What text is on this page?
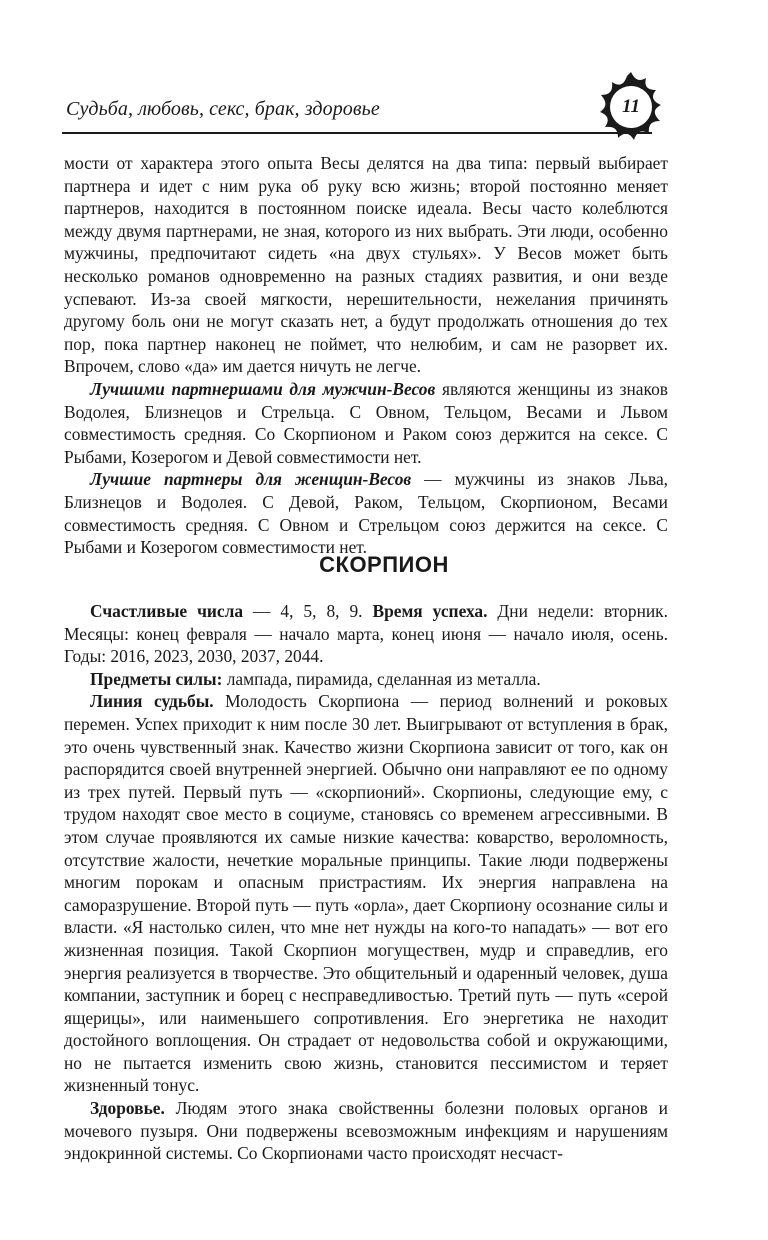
Судьба, любовь, секс, брак, здоровье	11

мости от характера этого опыта Весы делятся на два типа: первый выбирает партнера и идет с ним рука об руку всю жизнь; второй постоянно меняет партнеров, находится в постоянном поиске идеала. Весы часто колеблются между двумя партнерами, не зная, которого из них выбрать. Эти люди, особенно мужчины, предпочитают сидеть «на двух стульях». У Весов может быть несколько романов одновременно на разных стадиях развития, и они везде успевают. Из-за своей мягкости, нерешительности, нежелания причинять другому боль они не могут сказать нет, а будут продолжать отношения до тех пор, пока партнер наконец не поймет, что нелюбим, и сам не разорвет их. Впрочем, слово «да» им дается ничуть не легче.

Лучшими партнершами для мужчин-Весов являются женщины из знаков Водолея, Близнецов и Стрельца. С Овном, Тельцом, Весами и Львом совместимость средняя. Со Скорпионом и Раком союз держится на сексе. С Рыбами, Козерогом и Девой совместимости нет.

Лучшие партнеры для женщин-Весов — мужчины из знаков Льва, Близнецов и Водолея. С Девой, Раком, Тельцом, Скорпионом, Весами совместимость средняя. С Овном и Стрельцом союз держится на сексе. С Рыбами и Козерогом совместимости нет.

СКОРПИОН

Счастливые числа — 4, 5, 8, 9. Время успеха. Дни недели: вторник. Месяцы: конец февраля — начало марта, конец июня — начало июля, осень. Годы: 2016, 2023, 2030, 2037, 2044.

Предметы силы: лампада, пирамида, сделанная из металла.

Линия судьбы. Молодость Скорпиона — период волнений и роковых перемен. Успех приходит к ним после 30 лет. Выигрывают от вступления в брак, это очень чувственный знак. Качество жизни Скорпиона зависит от того, как он распорядится своей внутренней энергией. Обычно они направляют ее по одному из трех путей. Первый путь — «скорпионий». Скорпионы, следующие ему, с трудом находят свое место в социуме, становясь со временем агрессивными. В этом случае проявляются их самые низкие качества: коварство, вероломность, отсутствие жалости, нечеткие моральные принципы. Такие люди подвержены многим порокам и опасным пристрастиям. Их энергия направлена на саморазрушение. Второй путь — путь «орла», дает Скорпиону осознание силы и власти. «Я настолько силен, что мне нет нужды на кого-то нападать» — вот его жизненная позиция. Такой Скорпион могуществен, мудр и справедлив, его энергия реализуется в творчестве. Это общительный и одаренный человек, душа компании, заступник и борец с несправедливостью. Третий путь — путь «серой ящерицы», или наименьшего сопротивления. Его энергетика не находит достойного воплощения. Он страдает от недовольства собой и окружающими, но не пытается изменить свою жизнь, становится пессимистом и теряет жизненный тонус.

Здоровье. Людям этого знака свойственны болезни половых органов и мочевого пузыря. Они подвержены всевозможным инфекциям и нарушениям эндокринной системы. Со Скорпионами часто происходят несчаст-
